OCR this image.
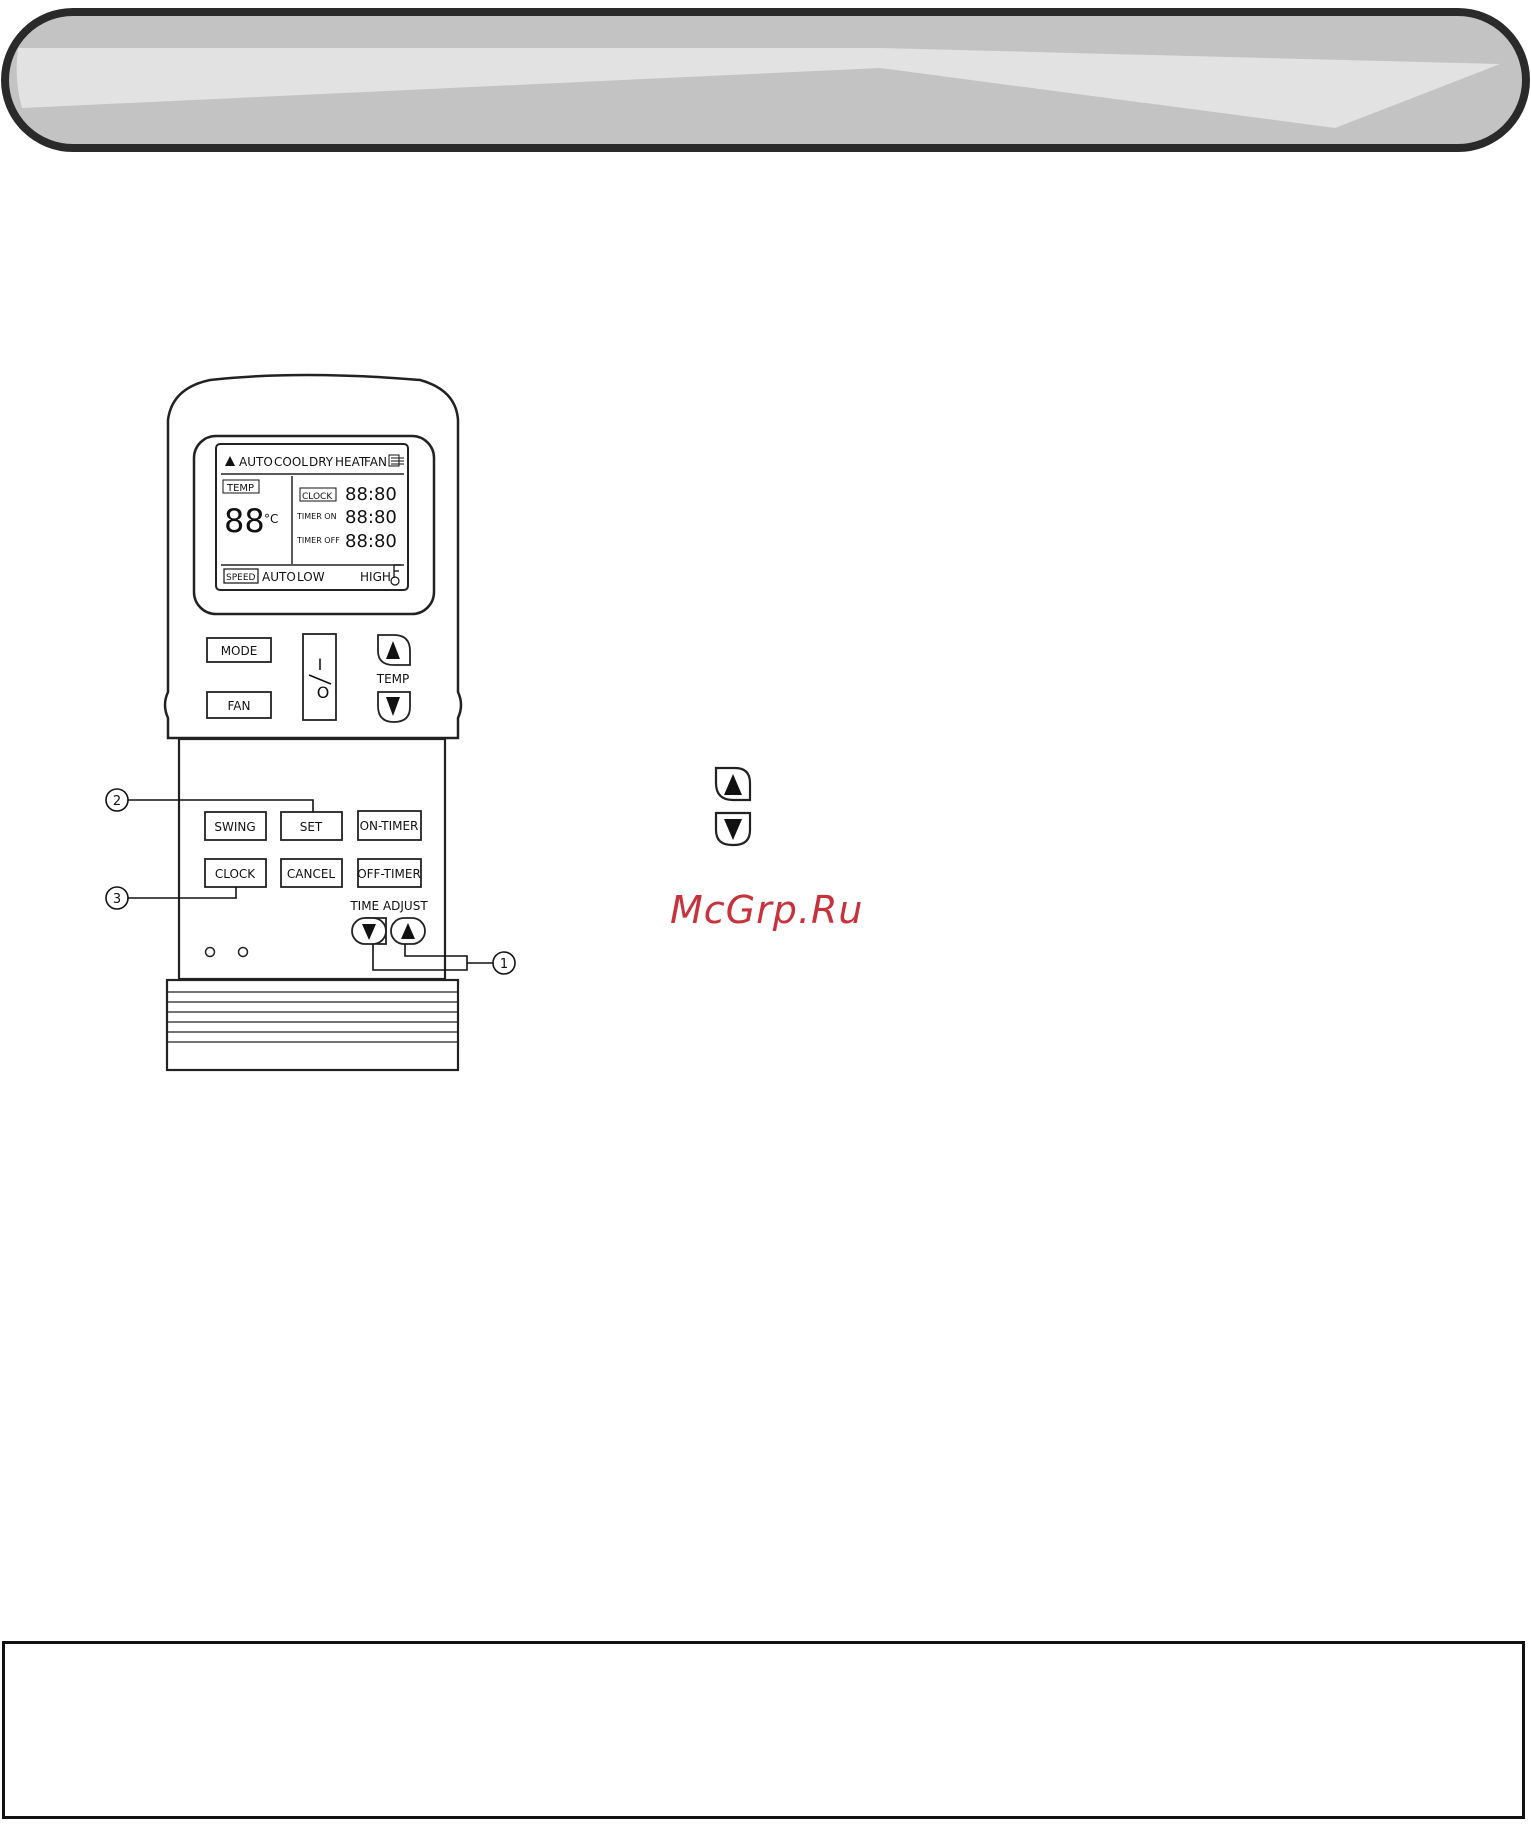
AUTO COOL DRY HEAT
FAN
TEMP
88 °C
CLOCK 88:80
TIMER ON 88:80
TIMER OFF 88:80
SPEED AUTO LOW	HIGH
MODE
FAN
I
O
TEMP
SWING	SET	ON-TIMER
CLOCK	CANCEL OFF-TIMER
TIME ADJUST
2
3
1
McGrp.Ru
